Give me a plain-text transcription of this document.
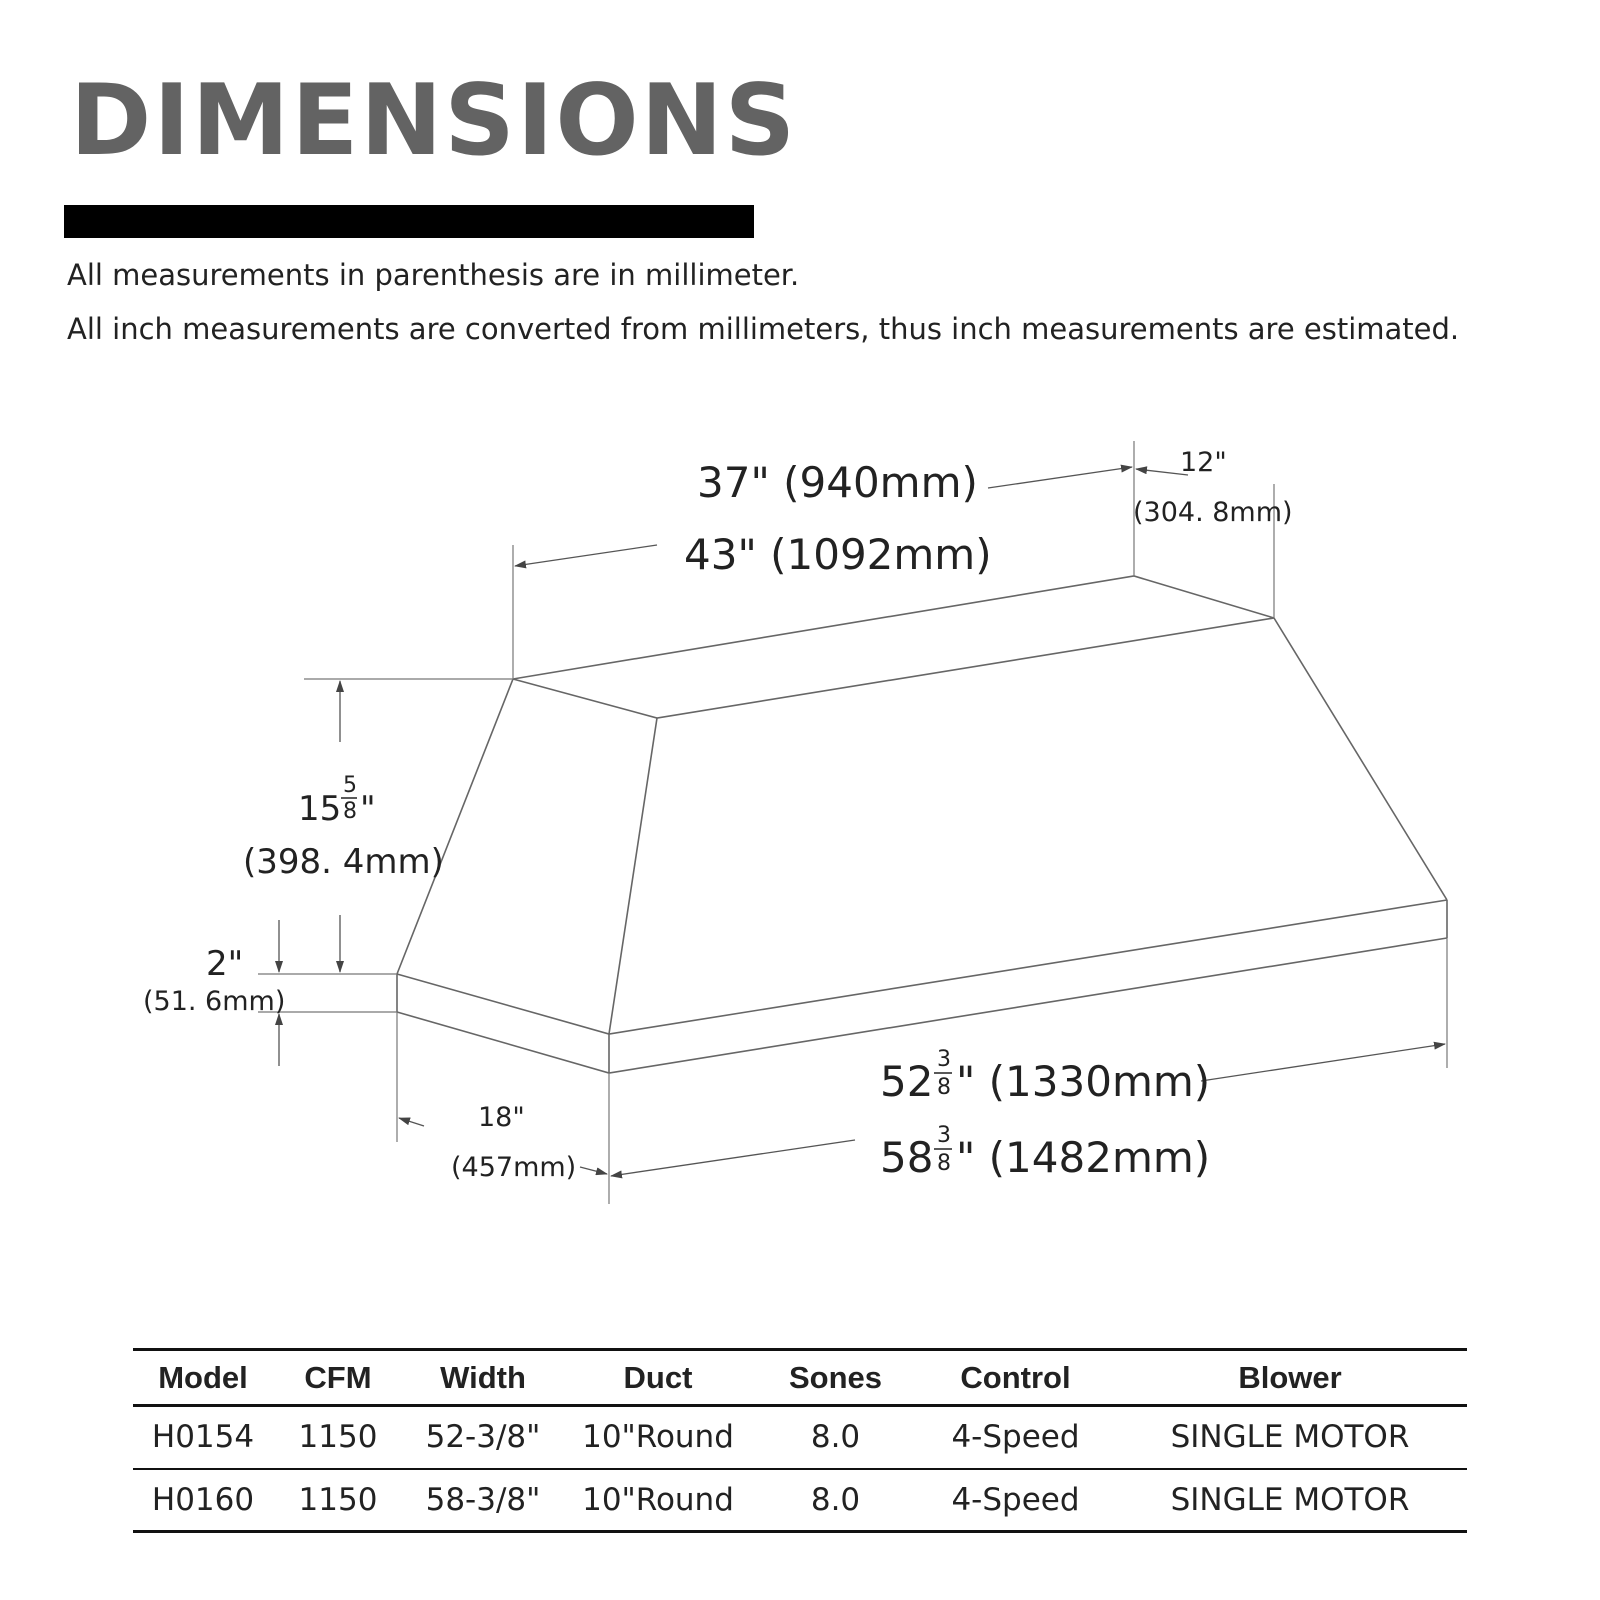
DIMENSIONS
All measurements in parenthesis are in millimeter.
All inch measurements are converted from millimeters, thus inch measurements are estimated.
37" (940mm)
43" (1092mm)
12"
(304. 8mm)
15
5
8 "
(398. 4mm)
2"
(51. 6mm)
18"
(457mm)
52 3
8 " (1330mm)
58 3
8 " (1482mm)
Model	CFM	Width	Duct	Sones	Control	Blower
H0154	1150	52-3/8"	10"Round	8.0	4-Speed	SINGLE MOTOR
H0160	1150	58-3/8"	10"Round	8.0	4-Speed	SINGLE MOTOR
